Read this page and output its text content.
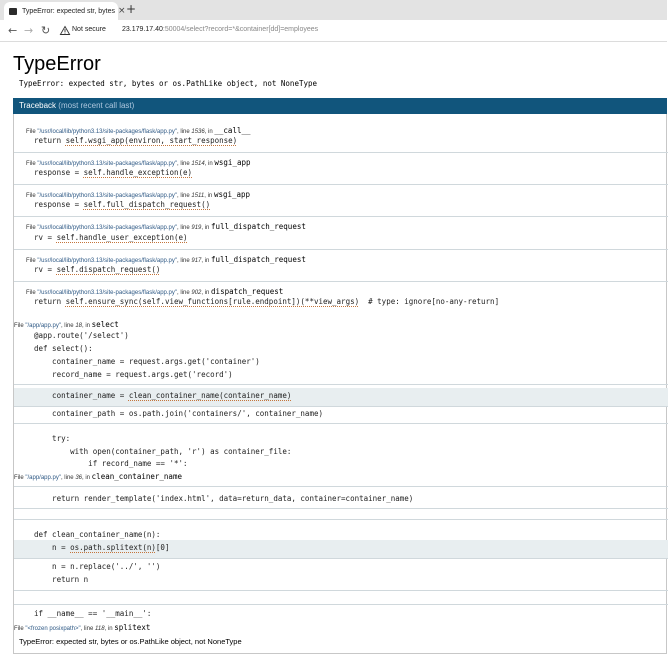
TypeError: expected str, bytes × +
← → ↻	Not secure 23.179.17.40:50004/select?record=*&container[dd]=employees
TypeError
TypeError: expected str, bytes or os.PathLike object, not NoneType
Traceback (most recent call last)
File "/usr/local/lib/python3.13/site-packages/flask/app.py", line 1536, in __call__
return self.wsgi_app(environ, start_response)
File "/usr/local/lib/python3.13/site-packages/flask/app.py", line 1514, in wsgi_app
response = self.handle_exception(e)
File "/usr/local/lib/python3.13/site-packages/flask/app.py", line 1511, in wsgi_app
response = self.full_dispatch_request()
File "/usr/local/lib/python3.13/site-packages/flask/app.py", line 919, in full_dispatch_request
rv = self.handle_user_exception(e)
File "/usr/local/lib/python3.13/site-packages/flask/app.py", line 917, in full_dispatch_request
rv = self.dispatch_request()
File "/usr/local/lib/python3.13/site-packages/flask/app.py", line 902, in dispatch_request
return self.ensure_sync(self.view_functions[rule.endpoint])(**view_args)  # type: ignore[no-any-return]
File "/app/app.py", line 18, in select
@app.route('/select')
def select():
container_name = request.args.get('container')
record_name = request.args.get('record')
container_name = clean_container_name(container_name)
container_path = os.path.join('containers/', container_name)
try:
with open(container_path, 'r') as container_file:
if record_name == '*':
File "/app/app.py", line 36, in clean_container_name
return render_template('index.html', data=return_data, container=container_name)
def clean_container_name(n):
n = os.path.splitext(n)[0]
n = n.replace('../', '')
return n
if __name__ == '__main__':
File "<frozen posixpath>", line 118, in splitext
TypeError: expected str, bytes or os.PathLike object, not NoneType
